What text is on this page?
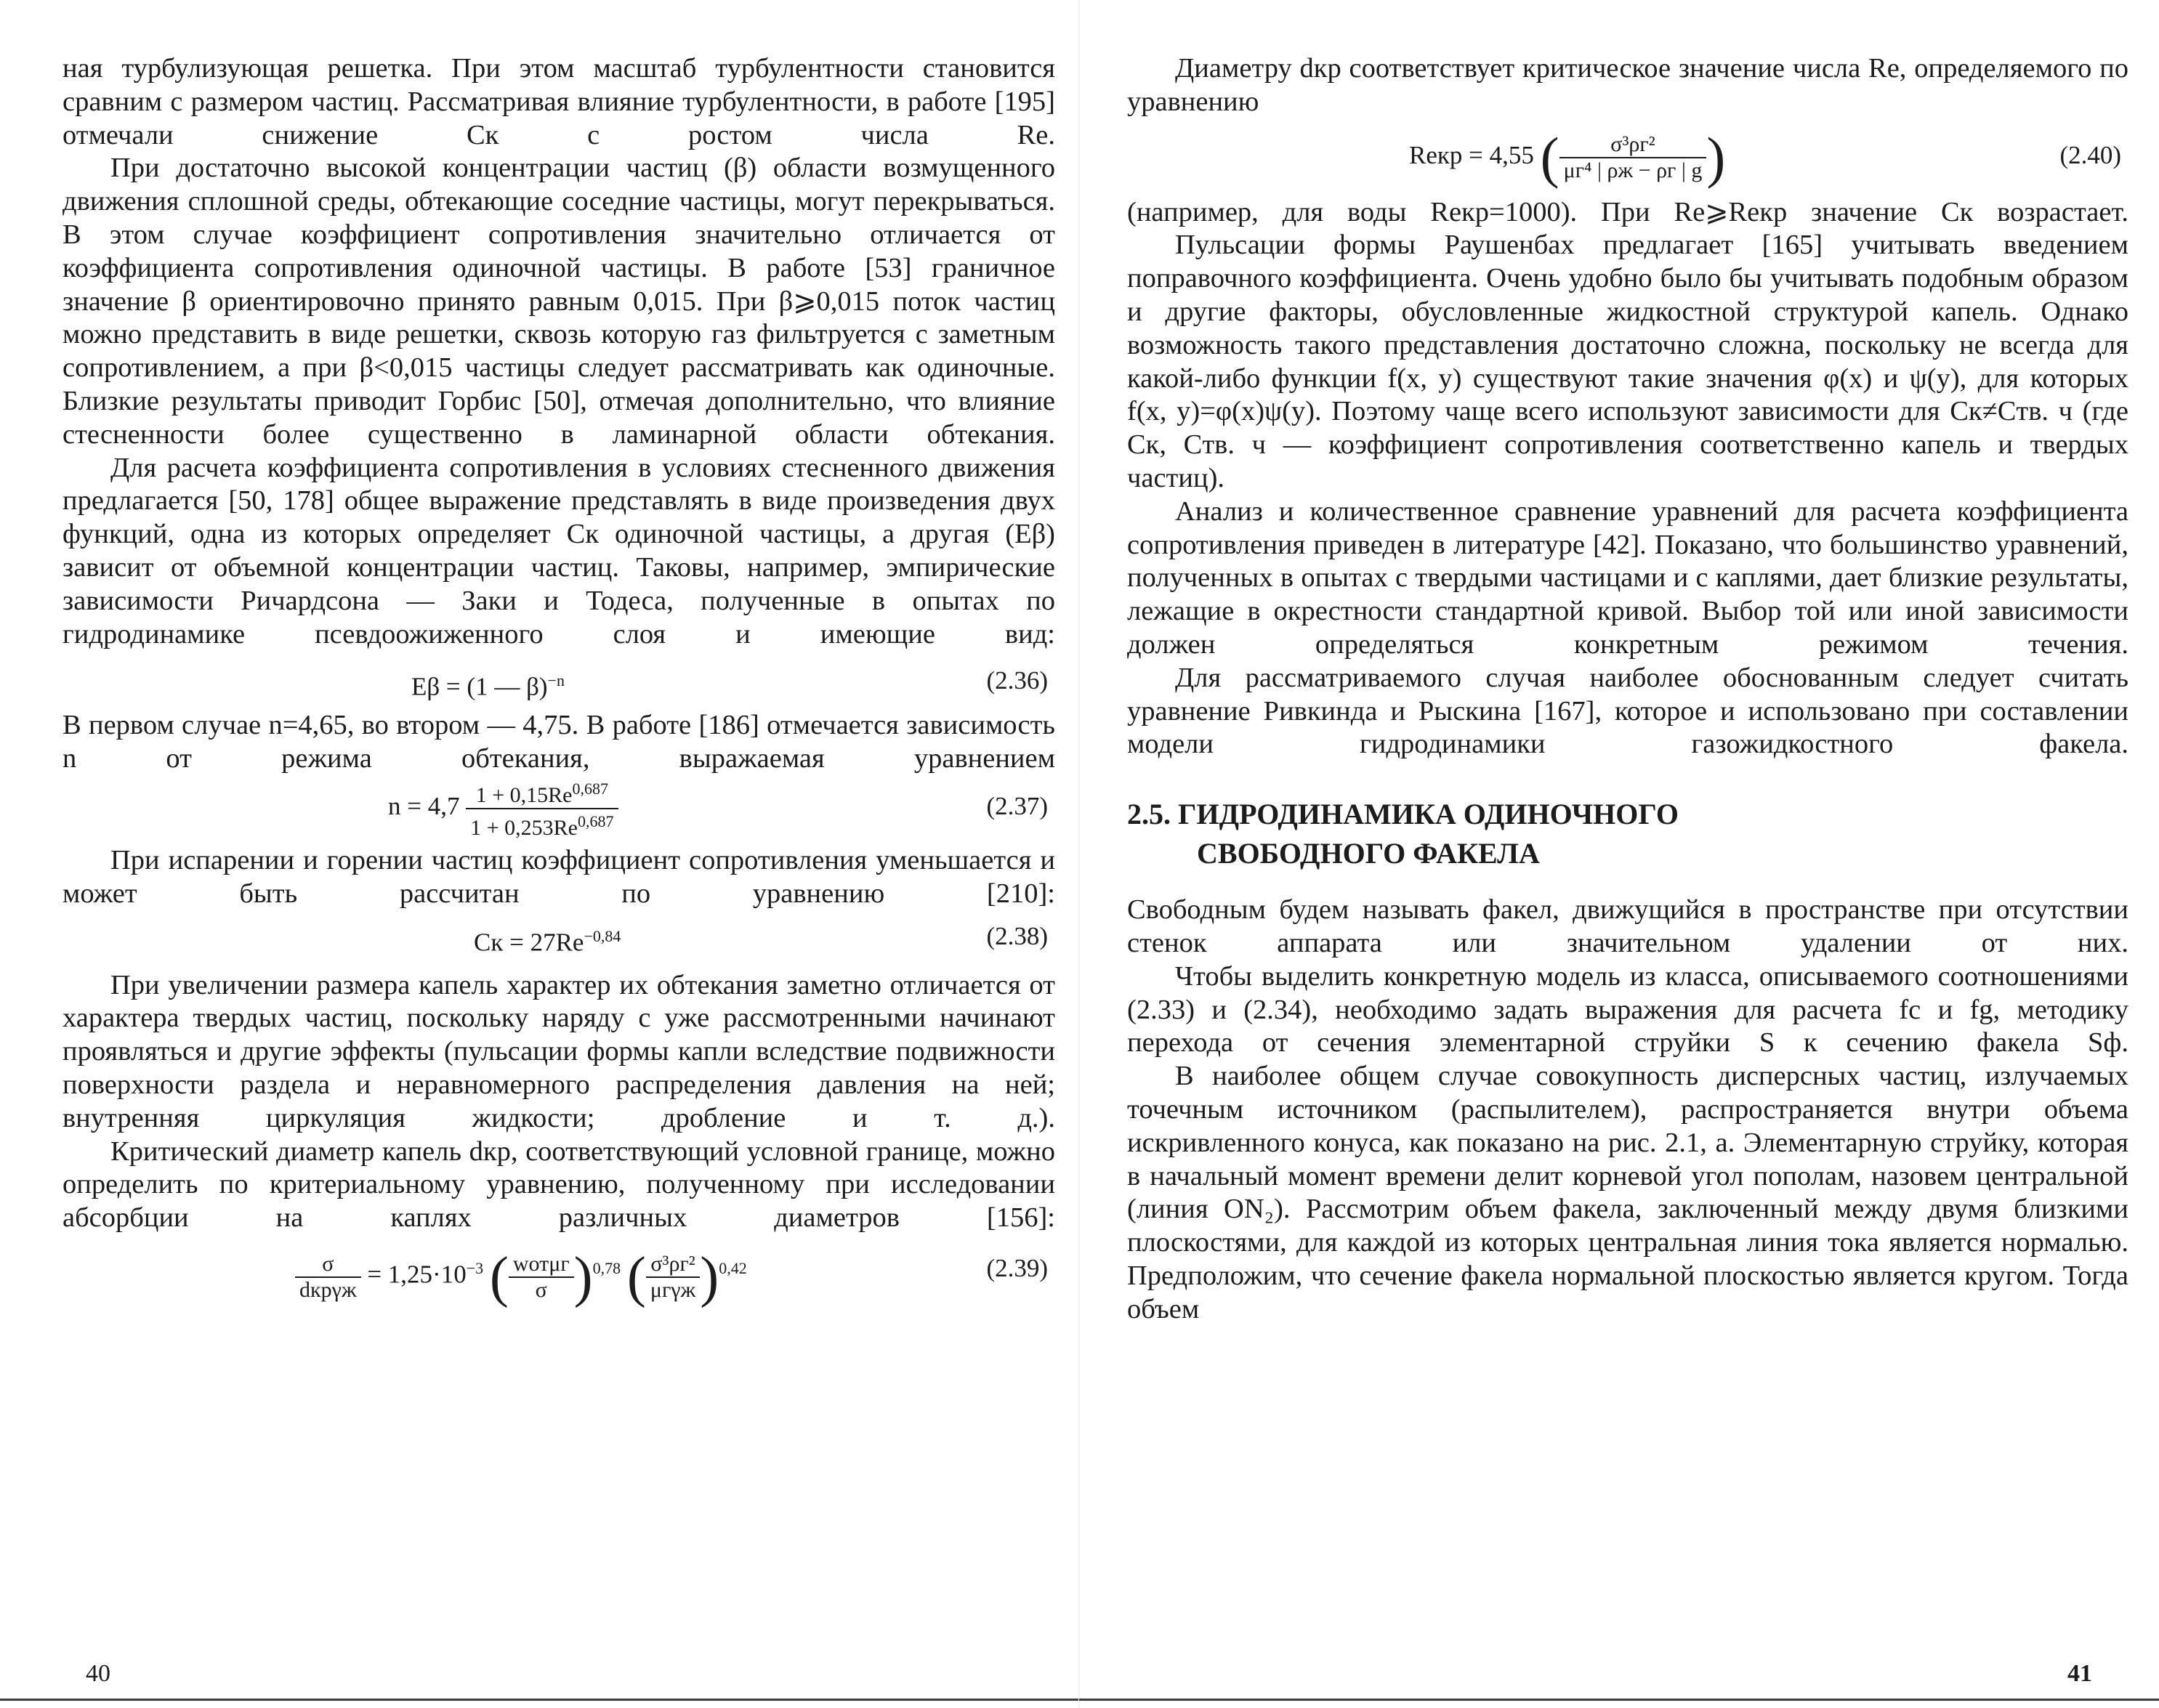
ная турбулизующая решетка. При этом масштаб турбулентности становится сравним с размером частиц. Рассматривая влияние турбулентности, в работе [195] отмечали снижение Cк с ростом числа Re.

При достаточно высокой концентрации частиц (β) области возмущенного движения сплошной среды, обтекающие соседние частицы, могут перекрываться. В этом случае коэффициент сопротивления значительно отличается от коэффициента сопротивления одиночной частицы. В работе [53] граничное значение β ориентировочно принято равным 0,015. При β⩾0,015 поток частиц можно представить в виде решетки, сквозь которую газ фильтруется с заметным сопротивлением, а при β<0,015 частицы следует рассматривать как одиночные. Близкие результаты приводит Горбис [50], отмечая дополнительно, что влияние стесненности более существенно в ламинарной области обтекания.

Для расчета коэффициента сопротивления в условиях стесненного движения предлагается [50, 178] общее выражение представлять в виде произведения двух функций, одна из которых определяет Cк одиночной частицы, а другая (Eβ) зависит от объемной концентрации частиц. Таковы, например, эмпирические зависимости Ричардсона — Заки и Тодеса, полученные в опытах по гидродинамике псевдоожиженного слоя и имеющие вид:

Eβ = (1 — β)$^{-n}$	(2.36)

В первом случае n=4,65, во втором — 4,75. В работе [186] отмечается зависимость n от режима обтекания, выражаемая уравнением

$n = 4,7 \frac{1 + 0,15Re^{0,687}}{1 + 0,253Re^{0,687}}$	(2.37)

При испарении и горении частиц коэффициент сопротивления уменьшается и может быть рассчитан по уравнению [210]:

Cк = $27Re^{-0,84}$	(2.38)

При увеличении размера капель характер их обтекания заметно отличается от характера твердых частиц, поскольку наряду с уже рассмотренными начинают проявляться и другие эффекты (пульсации формы капли вследствие подвижности поверхности раздела и неравномерного распределения давления на ней; внутренняя циркуляция жидкости; дробление и т. д.).

Критический диаметр капель dкр, соответствующий условной границе, можно определить по критериальному уравнению, полученному при исследовании абсорбции на каплях различных диаметров [156]:

$\frac{\sigma}{\text{dкрγж}} = 1,25\cdot 10^{-3}$ ( $\frac{\text{wотμг}}{\sigma} )^{0,78}$ ( $\frac{\text{σ³ρг²}}{\text{μгγж}} )^{0,42}$	(2.39)
40

Диаметру dкр соответствует критическое значение числа Re, определяемого по уравнению

Reкр = 4,55 ( $\frac{\text{σ³ρг²}}{\text{μг⁴ | ρж − ρг | g}}$ )	(2.40)

(например, для воды Reкр=1000). При Re⩾Reкр значение Cк возрастает.

Пульсации формы Раушенбах предлагает [165] учитывать введением поправочного коэффициента. Очень удобно было бы учитывать подобным образом и другие факторы, обусловленные жидкостной структурой капель. Однако возможность такого представления достаточно сложна, поскольку не всегда для какой-либо функции f(x, y) существуют такие значения φ(x) и ψ(y), для которых f(x, y)=φ(x)ψ(y). Поэтому чаще всего используют зависимости для Cк≠Cтв. ч (где Cк, Cтв. ч — коэффициент сопротивления соответственно капель и твердых частиц).

Анализ и количественное сравнение уравнений для расчета коэффициента сопротивления приведен в литературе [42]. Показано, что большинство уравнений, полученных в опытах с твердыми частицами и с каплями, дает близкие результаты, лежащие в окрестности стандартной кривой. Выбор той или иной зависимости должен определяться конкретным режимом течения.

Для рассматриваемого случая наиболее обоснованным следует считать уравнение Ривкинда и Рыскина [167], которое и использовано при составлении модели гидродинамики газожидкостного факела.

2.5. ГИДРОДИНАМИКА ОДИНОЧНОГО
СВОБОДНОГО ФАКЕЛА

Свободным будем называть факел, движущийся в пространстве при отсутствии стенок аппарата или значительном удалении от них.

Чтобы выделить конкретную модель из класса, описываемого соотношениями (2.33) и (2.34), необходимо задать выражения для расчета fс и fg, методику перехода от сечения элементарной струйки S к сечению факела Sф.

В наиболее общем случае совокупность дисперсных частиц, излучаемых точечным источником (распылителем), распространяется внутри объема искривленного конуса, как показано на рис. 2.1, а. Элементарную струйку, которая в начальный момент времени делит корневой угол пополам, назовем центральной (линия ON₂). Рассмотрим объем факела, заключенный между двумя близкими плоскостями, для каждой из которых центральная линия тока является нормалью. Предположим, что сечение факела нормальной плоскостью является кругом. Тогда объем

41
